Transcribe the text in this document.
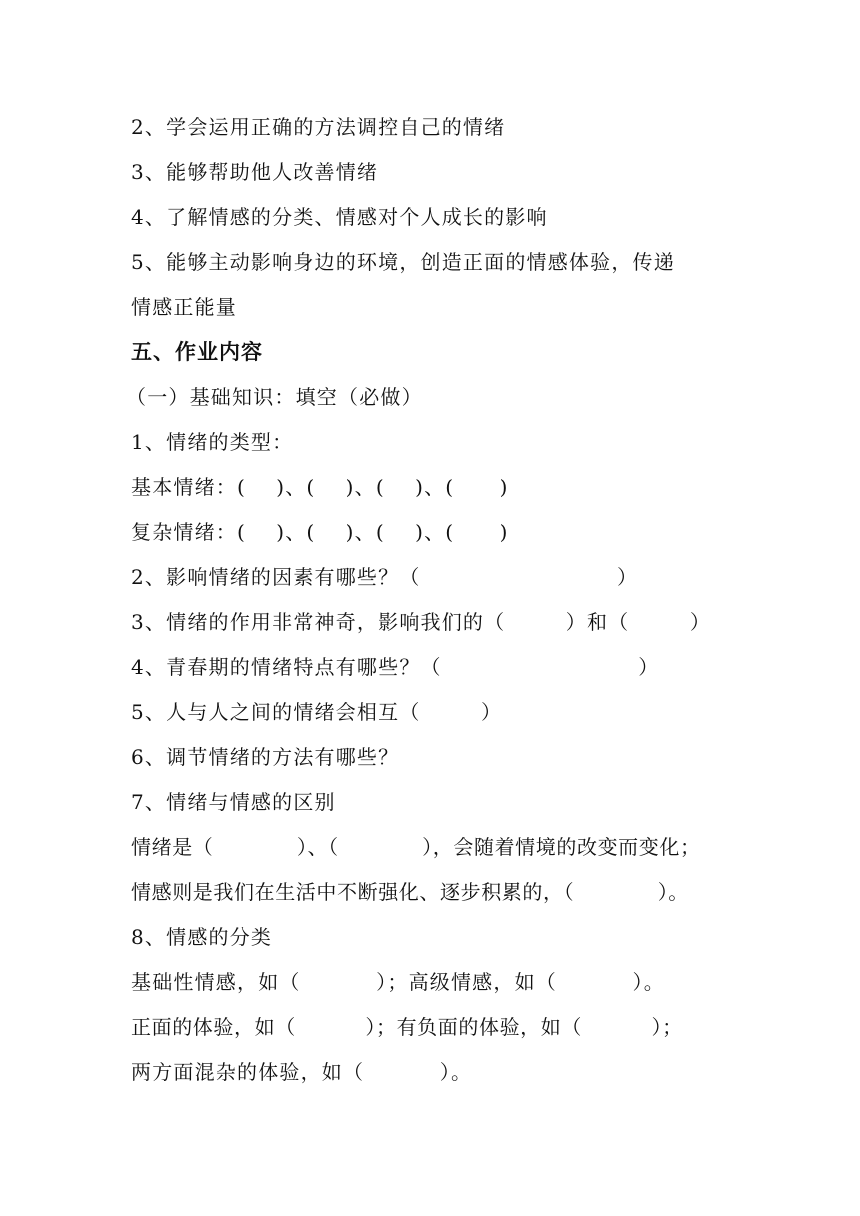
2、学会运用正确的方法调控自己的情绪
3、能够帮助他人改善情绪
4、了解情感的分类、情感对个人成长的影响
5、能够主动影响身边的环境，创造正面的情感体验，传递
情感正能量
五、作业内容
（一）基础知识：填空（必做）
1、情绪的类型：
基本情绪：(    )、(    )、(    )、(      )
复杂情绪：(    )、(    )、(    )、(      )
2、影响情绪的因素有哪些？（                          ）
3、情绪的作用非常神奇，影响我们的（        ）和（        ）
4、青春期的情绪特点有哪些？（                          ）
5、人与人之间的情绪会相互（        ）
6、调节情绪的方法有哪些？
7、情绪与情感的区别
情绪是（            ）、（            ），会随着情境的改变而变化；
情感则是我们在生活中不断强化、逐步积累的，（            ）。
8、情感的分类
基础性情感，如（          ）；高级情感，如（          ）。
正面的体验，如（          ）；有负面的体验，如（          ）；
两方面混杂的体验，如（          ）。
